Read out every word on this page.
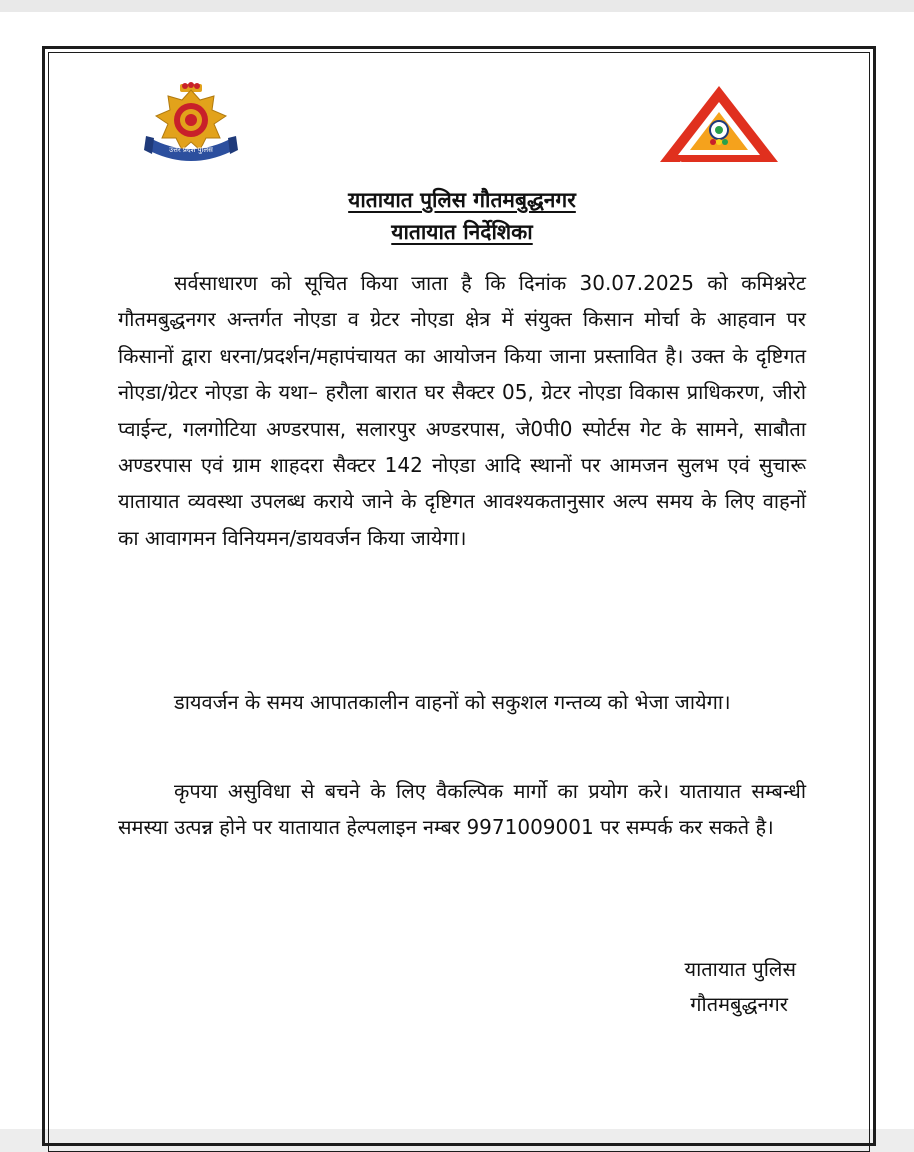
उत्तर प्रदेश पुलिस
WhatsApp: 7065100100
यातायात पुलिस गौतमबुद्धनगर
यातायात निर्देशिका

सर्वसाधारण को सूचित किया जाता है कि दिनांक 30.07.2025 को कमिश्नरेट गौतमबुद्धनगर अन्तर्गत नोएडा व ग्रेटर नोएडा क्षेत्र में संयुक्त किसान मोर्चा के आहवान पर किसानों द्वारा धरना/प्रदर्शन/महापंचायत का आयोजन किया जाना प्रस्तावित है। उक्त के दृष्टिगत नोएडा/ग्रेटर नोएडा के यथा– हरौला बारात घर सैक्टर 05, ग्रेटर नोएडा विकास प्राधिकरण, जीरो प्वाईन्ट, गलगोटिया अण्डरपास, सलारपुर अण्डरपास, जे0पी0 स्पोर्टस गेट के सामने, साबौता अण्डरपास एवं ग्राम शाहदरा सैक्टर 142 नोएडा आदि स्थानों पर आमजन सुलभ एवं सुचारू यातायात व्यवस्था उपलब्ध कराये जाने के दृष्टिगत आवश्यकतानुसार अल्प समय के लिए वाहनों का आवागमन विनियमन/डायवर्जन किया जायेगा।

डायवर्जन के समय आपातकालीन वाहनों को सकुशल गन्तव्य को भेजा जायेगा।

कृपया असुविधा से बचने के लिए वैकल्पिक मार्गो का प्रयोग करे। यातायात सम्बन्धी समस्या उत्पन्न होने पर यातायात हेल्पलाइन नम्बर 9971009001 पर सम्पर्क कर सकते है।

यातायात पुलिस
गौतमबुद्धनगर
